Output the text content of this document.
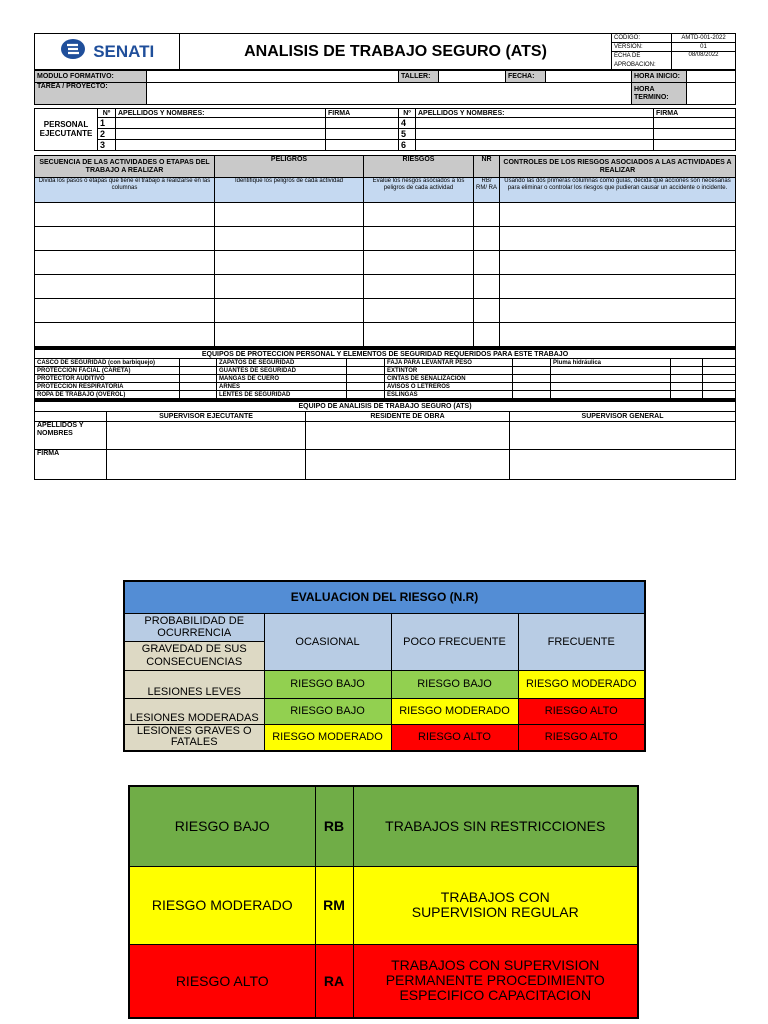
SENATI	ANALISIS DE TRABAJO SEGURO (ATS)	CODIGO:	AMTD-001-2022
		VERSIÓN:	01
		ECHA DE	08/08/2022
		APROBACIÓN:	
MODULO FORMATIVO:		TALLER:		FECHA:		HORA INICIO:	
TAREA / PROYECTO:						HORA
TERMINO:	

PERSONAL EJECUTANTE	Nº	APELLIDOS Y NOMBRES:	FIRMA	Nº	APELLIDOS Y NOMBRES:	FIRMA
	1			4		
	2			5		
	3			6		
SECUENCIA DE LAS ACTIVIDADES O ETAPAS DEL TRABAJO A REALIZAR	PELIGROS	RIESGOS	NR	CONTROLES DE LOS RIESGOS ASOCIADOS A LAS ACTIVIDADES A REALIZAR
Divida los pasos o etapas que tiene el trabajo a realizarse en las columnas	Identifique los peligros de cada actividad	Evalúe los riesgos asociados a los peligros de cada actividad	RB/ RM/ RA	Usando las dos primeras columnas como guías, decida qué acciones son necesarias para eliminar o controlar los riesgos que pudieran causar un accidente o incidente.

EQUIPOS DE PROTECCION PERSONAL Y ELEMENTOS DE SEGURIDAD REQUERIDOS PARA ESTE TRABAJO								
CASCO DE SEGURIDAD (con barbiquejo)		ZAPATOS DE SEGURIDAD		FAJA PARA LEVANTAR PESO		Pluma hidráulica		
PROTECCION FACIAL (CARETA)		GUANTES DE SEGURIDAD		EXTINTOR				
PROTECTOR AUDITIVO		MANGAS DE CUERO		CINTAS DE SENALIZACION				
PROTECCION RESPIRATORIA		ARNES		AVISOS O LETREROS				
ROPA DE TRABAJO (OVEROL)		LENTES DE SEGURIDAD		ESLINGAS				
EQUIPO DE ANALISIS DE TRABAJO SEGURO (ATS)			
	SUPERVISOR EJECUTANTE	RESIDENTE DE OBRA	SUPERVISOR GENERAL
APELLIDOS Y NOMBRES			
FIRMA			
EVALUACION DEL RIESGO (N.R)			
PROBABILIDAD DE OCURRENCIA	OCASIONAL	POCO FRECUENTE	FRECUENTE
GRAVEDAD DE SUS CONSECUENCIAS			
LESIONES LEVES	RIESGO BAJO	RIESGO BAJO	RIESGO MODERADO
LESIONES MODERADAS	RIESGO BAJO	RIESGO MODERADO	RIESGO ALTO
LESIONES GRAVES O FATALES	RIESGO MODERADO	RIESGO ALTO	RIESGO ALTO
RIESGO BAJO	RB	TRABAJOS SIN RESTRICCIONES
RIESGO MODERADO	RM	TRABAJOS CON SUPERVISION REGULAR
RIESGO ALTO	RA	TRABAJOS CON SUPERVISION PERMANENTE PROCEDIMIENTO ESPECIFICO CAPACITACION
